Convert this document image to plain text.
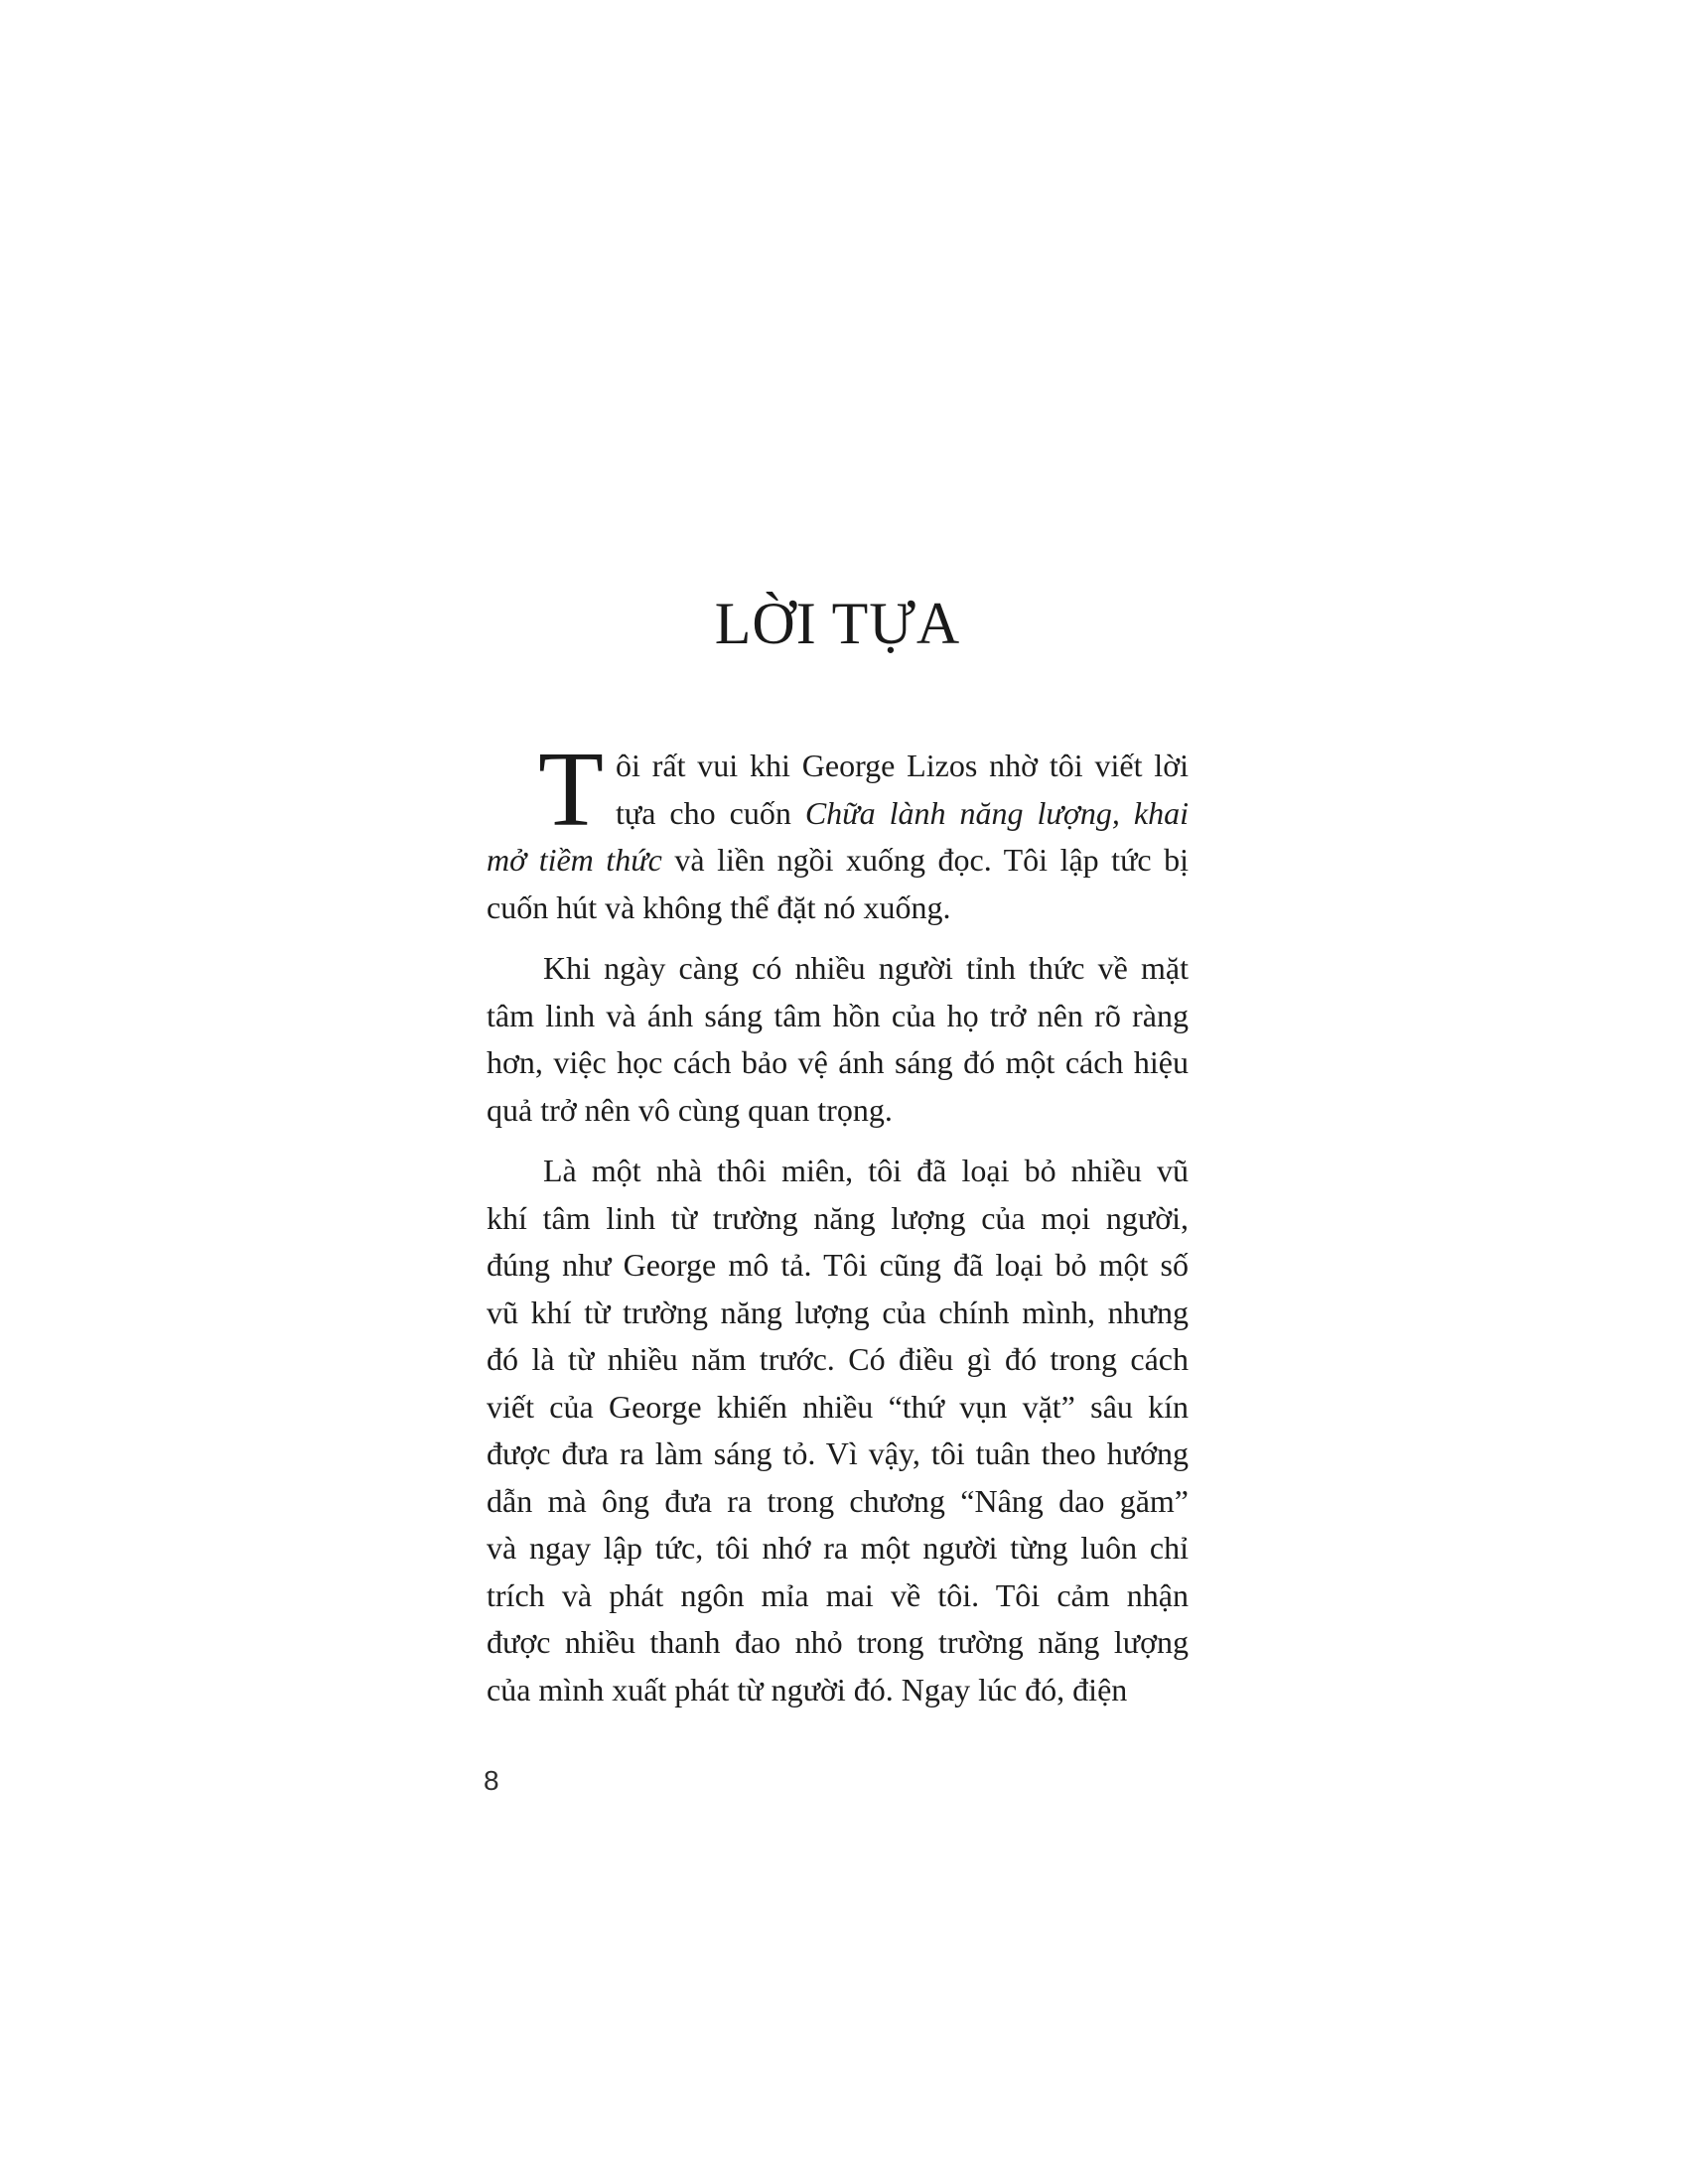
LỜI TỰA
T ôi rất vui khi George Lizos nhờ tôi viết lời
tựa cho cuốn Chữa lành năng lượng, khai
mở tiềm thức và liền ngồi xuống đọc. Tôi lập tức bị
cuốn hút và không thể đặt nó xuống.
Khi ngày càng có nhiều người tỉnh thức về mặt
tâm linh và ánh sáng tâm hồn của họ trở nên rõ ràng
hơn, việc học cách bảo vệ ánh sáng đó một cách hiệu
quả trở nên vô cùng quan trọng.
Là một nhà thôi miên, tôi đã loại bỏ nhiều vũ
khí tâm linh từ trường năng lượng của mọi người,
đúng như George mô tả. Tôi cũng đã loại bỏ một số
vũ khí từ trường năng lượng của chính mình, nhưng
đó là từ nhiều năm trước. Có điều gì đó trong cách
viết của George khiến nhiều “thứ vụn vặt” sâu kín
được đưa ra làm sáng tỏ. Vì vậy, tôi tuân theo hướng
dẫn mà ông đưa ra trong chương “Nâng dao găm”
và ngay lập tức, tôi nhớ ra một người từng luôn chỉ
trích và phát ngôn mỉa mai về tôi. Tôi cảm nhận
được nhiều thanh đao nhỏ trong trường năng lượng
của mình xuất phát từ người đó. Ngay lúc đó, điện
8
